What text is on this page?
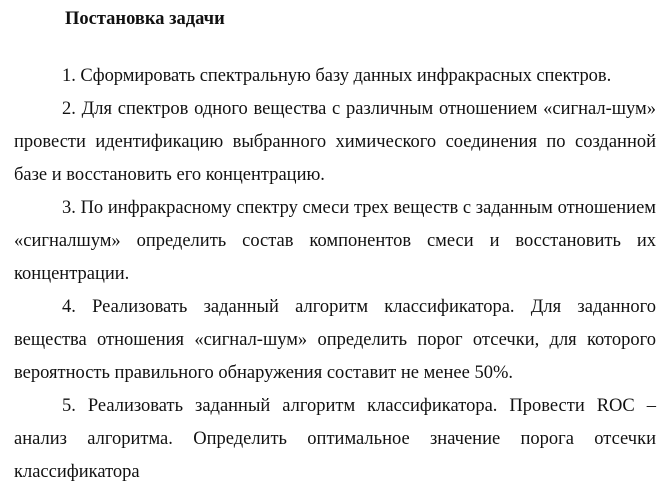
Постановка задачи

1. Сформировать спектральную базу данных инфракрасных спектров.

2. Для спектров одного вещества с различным отношением «сигнал-шум» провести идентификацию выбранного химического соединения по созданной базе и восстановить его концентрацию.

3. По инфракрасному спектру смеси трех веществ с заданным отношением «сигналшум» определить состав компонентов смеси и восстановить их концентрации.

4. Реализовать заданный алгоритм классификатора. Для заданного вещества отношения «сигнал-шум» определить порог отсечки, для которого вероятность правильного обнаружения составит не менее 50%.

5. Реализовать заданный алгоритм классификатора. Провести ROC – анализ алгоритма. Определить оптимальное значение порога отсечки классификатора
